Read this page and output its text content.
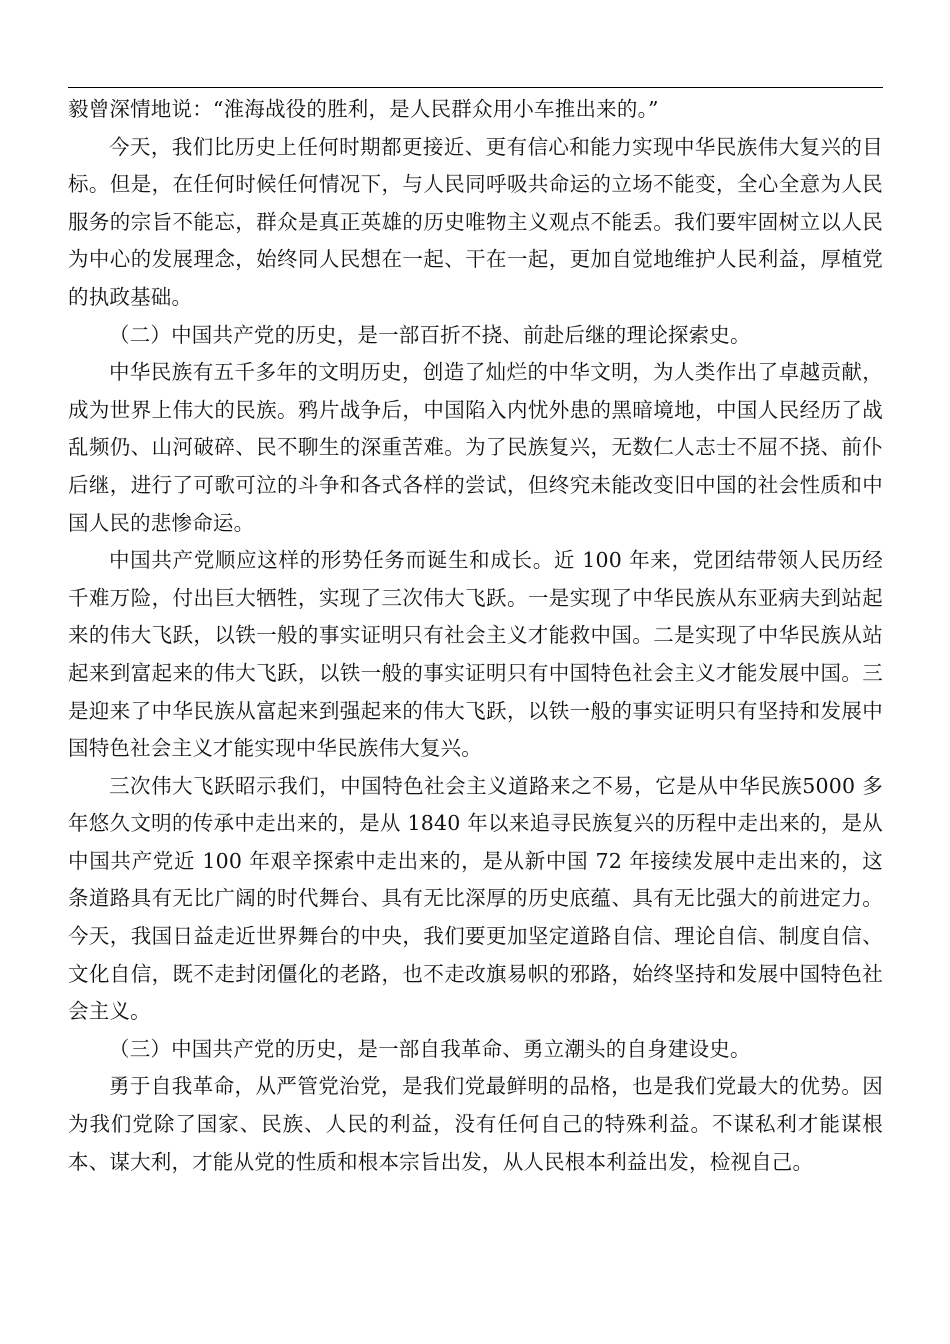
毅曾深情地说：“淮海战役的胜利，是人民群众用小车推出来的。”

今天，我们比历史上任何时期都更接近、更有信心和能力实现中华民族伟大复兴的目标。但是，在任何时候任何情况下，与人民同呼吸共命运的立场不能变，全心全意为人民服务的宗旨不能忘，群众是真正英雄的历史唯物主义观点不能丢。我们要牢固树立以人民为中心的发展理念，始终同人民想在一起、干在一起，更加自觉地维护人民利益，厚植党的执政基础。

（二）中国共产党的历史，是一部百折不挠、前赴后继的理论探索史。

中华民族有五千多年的文明历史，创造了灿烂的中华文明，为人类作出了卓越贡献，成为世界上伟大的民族。鸦片战争后，中国陷入内忧外患的黑暗境地，中国人民经历了战乱频仍、山河破碎、民不聊生的深重苦难。为了民族复兴，无数仁人志士不屈不挠、前仆后继，进行了可歌可泣的斗争和各式各样的尝试，但终究未能改变旧中国的社会性质和中国人民的悲惨命运。

中国共产党顺应这样的形势任务而诞生和成长。近 100 年来，党团结带领人民历经千难万险，付出巨大牺牲，实现了三次伟大飞跃。一是实现了中华民族从东亚病夫到站起来的伟大飞跃，以铁一般的事实证明只有社会主义才能救中国。二是实现了中华民族从站起来到富起来的伟大飞跃，以铁一般的事实证明只有中国特色社会主义才能发展中国。三是迎来了中华民族从富起来到强起来的伟大飞跃，以铁一般的事实证明只有坚持和发展中国特色社会主义才能实现中华民族伟大复兴。

三次伟大飞跃昭示我们，中国特色社会主义道路来之不易，它是从中华民族5000 多年悠久文明的传承中走出来的，是从 1840 年以来追寻民族复兴的历程中走出来的，是从中国共产党近 100 年艰辛探索中走出来的，是从新中国 72 年接续发展中走出来的，这条道路具有无比广阔的时代舞台、具有无比深厚的历史底蕴、具有无比强大的前进定力。今天，我国日益走近世界舞台的中央，我们要更加坚定道路自信、理论自信、制度自信、文化自信，既不走封闭僵化的老路，也不走改旗易帜的邪路，始终坚持和发展中国特色社会主义。

（三）中国共产党的历史，是一部自我革命、勇立潮头的自身建设史。

勇于自我革命，从严管党治党，是我们党最鲜明的品格，也是我们党最大的优势。因为我们党除了国家、民族、人民的利益，没有任何自己的特殊利益。不谋私利才能谋根本、谋大利，才能从党的性质和根本宗旨出发，从人民根本利益出发，检视自己。
